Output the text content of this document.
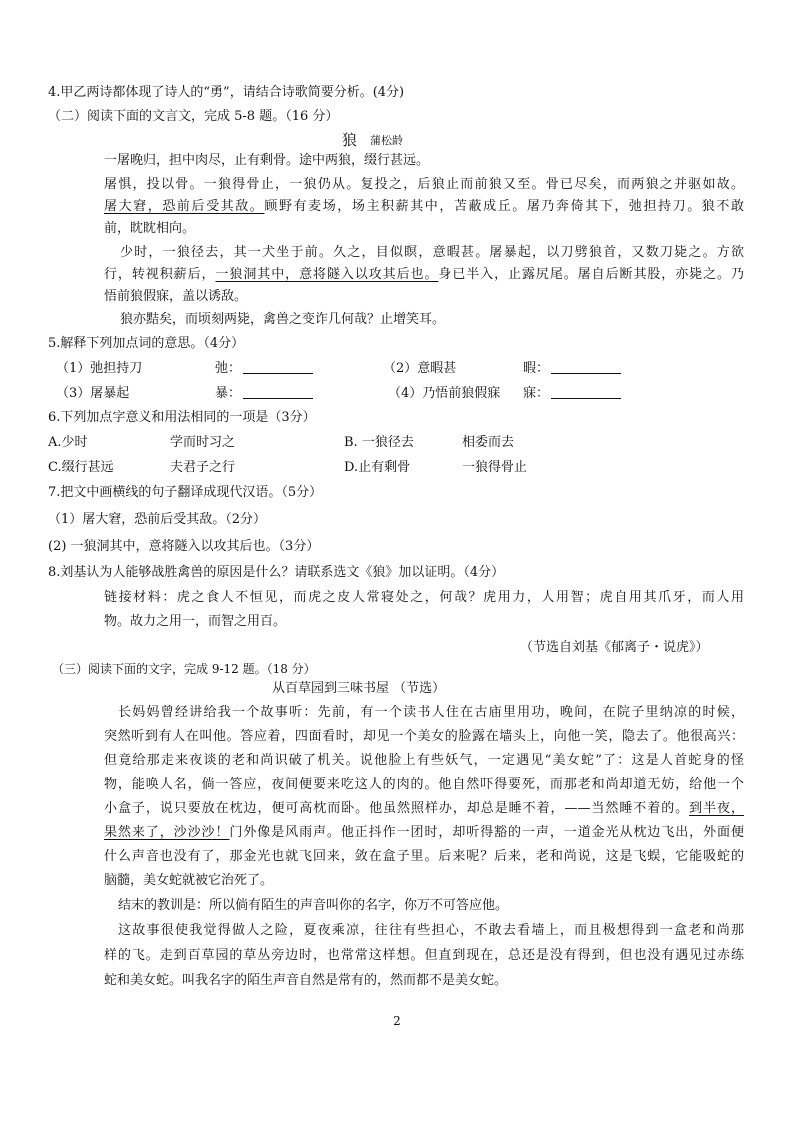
4.甲乙两诗都体现了诗人的“勇”，请结合诗歌简要分析。(4分)
（二）阅读下面的文言文，完成 5-8 题。（16 分）
狼 蒲松龄
一屠晚归，担中肉尽，止有剩骨。途中两狼，缀行甚远。
屠惧，投以骨。一狼得骨止，一狼仍从。复投之，后狼止而前狼又至。骨已尽矣，而两狼之并驱如故。
屠大窘，恐前后受其敌。顾野有麦场，场主积薪其中，苫蔽成丘。屠乃奔倚其下，弛担持刀。狼不敢
前，眈眈相向。
少时，一狼径去，其一犬坐于前。久之，目似瞑，意暇甚。屠暴起，以刀劈狼首，又数刀毙之。方欲
行，转视积薪后，一狼洞其中，意将隧入以攻其后也。身已半入，止露尻尾。屠自后断其股，亦毙之。乃
悟前狼假寐，盖以诱敌。
狼亦黠矣，而顷刻两毙，禽兽之变诈几何哉？止增笑耳。
5.解释下列加点词的意思。（4分）
（1）弛担持刀	弛：	（2）意暇甚	暇：
（3）屠暴起	暴：	（4）乃悟前狼假寐 寐：
6.下列加点字意义和用法相同的一项是（3分）
A.少时	学而时习之	B. 一狼径去	相委而去
C.缀行甚远	夫君子之行	D.止有剩骨	一狼得骨止
7.把文中画横线的句子翻译成现代汉语。（5分）
（1）屠大窘，恐前后受其敌。（2分）
(2) 一狼洞其中，意将隧入以攻其后也。（3分）
8.刘基认为人能够战胜禽兽的原因是什么？请联系选文《狼》加以证明。（4分）
链接材料：虎之食人不恒见，而虎之皮人常寝处之，何哉？虎用力，人用智；虎自用其爪牙，而人用
物。故力之用一，而智之用百。
（节选自刘基《郁离子・说虎》）
（三）阅读下面的文字，完成 9-12 题。（18 分）
从百草园到三味书屋 （节选）
长妈妈曾经讲给我一个故事听：先前，有一个读书人住在古庙里用功，晚间，在院子里纳凉的时候，
突然听到有人在叫他。答应着，四面看时，却见一个美女的脸露在墙头上，向他一笑，隐去了。他很高兴：
但竟给那走来夜谈的老和尚识破了机关。说他脸上有些妖气，一定遇见“美女蛇”了：这是人首蛇身的怪
物，能唤人名，倘一答应，夜间便要来吃这人的肉的。他自然吓得要死，而那老和尚却道无妨，给他一个
小盒子，说只要放在枕边，便可高枕而卧。他虽然照样办，却总是睡不着，——当然睡不着的。到半夜，
果然来了，沙沙沙！门外像是风雨声。他正抖作一团时，却听得豁的一声，一道金光从枕边飞出，外面便
什么声音也没有了，那金光也就飞回来，敛在盒子里。后来呢？后来，老和尚说，这是飞蜈，它能吸蛇的
脑髓，美女蛇就被它治死了。
结末的教训是：所以倘有陌生的声音叫你的名字，你万不可答应他。
这故事很使我觉得做人之险，夏夜乘凉，往往有些担心，不敢去看墙上，而且极想得到一盒老和尚那
样的飞。走到百草园的草丛旁边时，也常常这样想。但直到现在，总还是没有得到，但也没有遇见过赤练
蛇和美女蛇。叫我名字的陌生声音自然是常有的，然而都不是美女蛇。
2
